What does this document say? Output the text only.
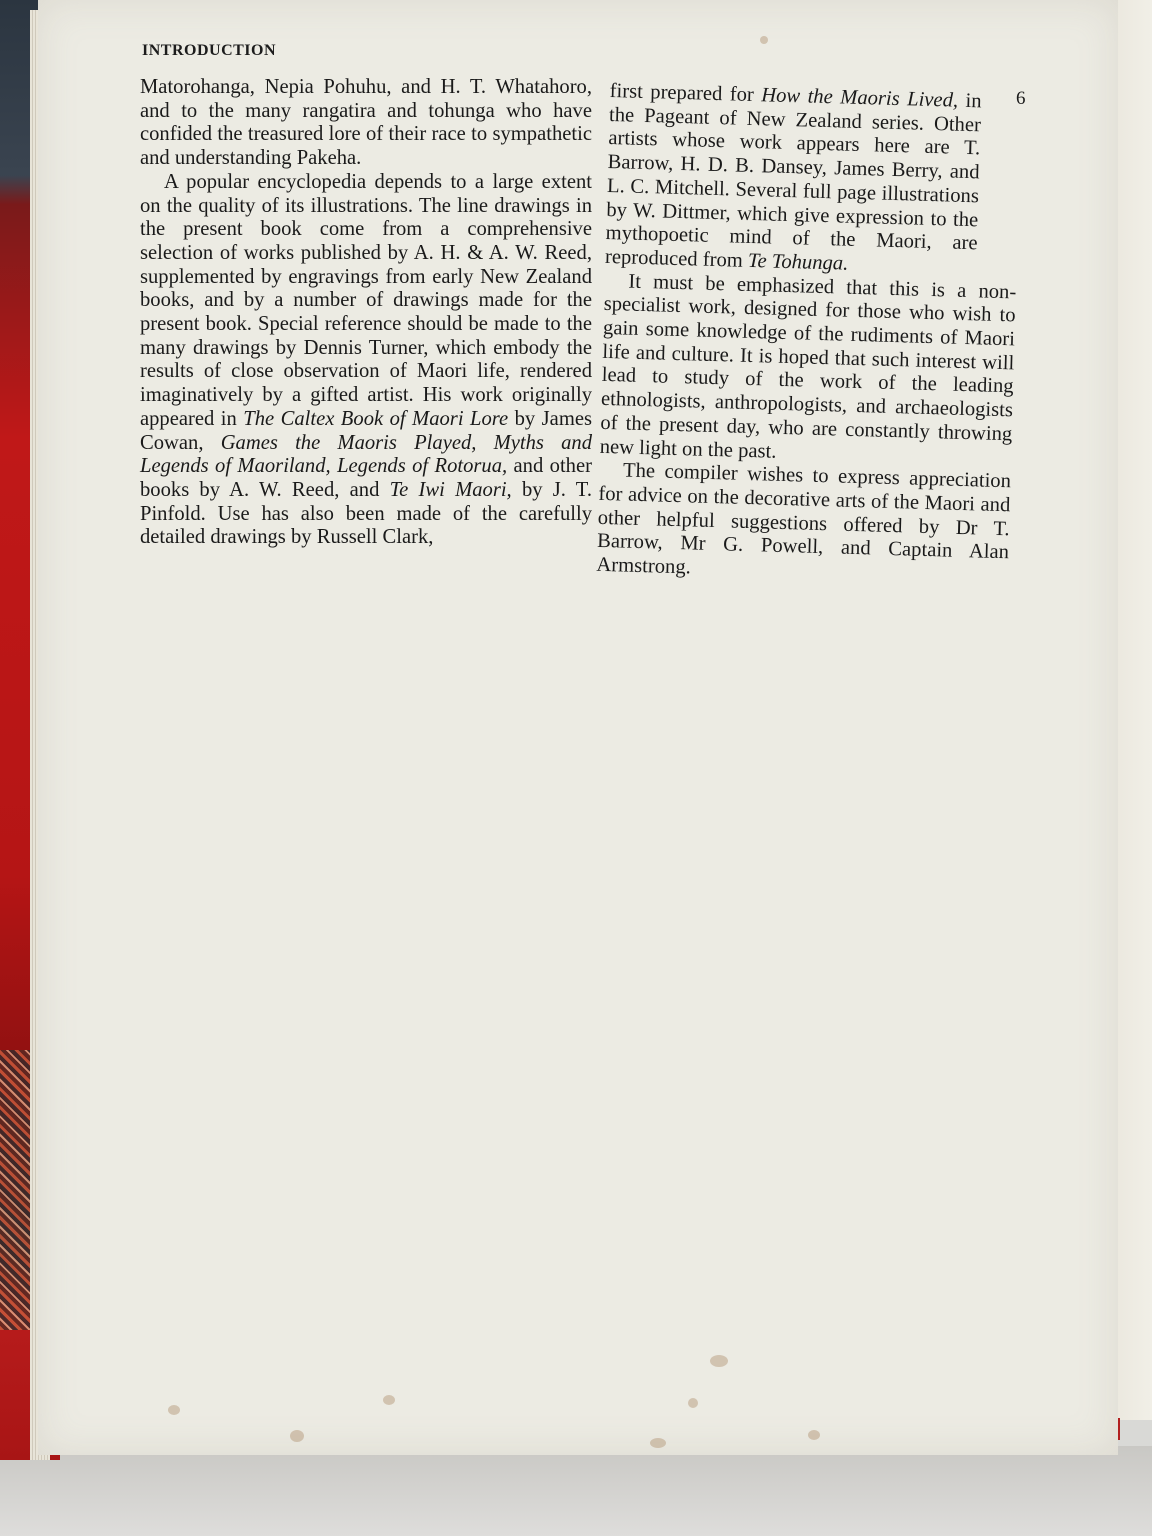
INTRODUCTION
6

Matorohanga, Nepia Pohuhu, and H. T. Whatahoro, and to the many rangatira and tohunga who have confided the treasured lore of their race to sympathetic and understanding Pakeha.

A popular encyclopedia depends to a large extent on the quality of its illustrations. The line drawings in the present book come from a comprehensive selection of works published by A. H. & A. W. Reed, supplemented by engravings from early New Zealand books, and by a number of drawings made for the present book. Special reference should be made to the many drawings by Dennis Turner, which embody the results of close observation of Maori life, rendered imaginatively by a gifted artist. His work originally appeared in The Caltex Book of Maori Lore by James Cowan, Games the Maoris Played, Myths and Legends of Maoriland, Legends of Rotorua, and other books by A. W. Reed, and Te Iwi Maori, by J. T. Pinfold. Use has also been made of the carefully detailed drawings by Russell Clark,

first prepared for How the Maoris Lived, in the Pageant of New Zealand series. Other artists whose work appears here are T. Barrow, H. D. B. Dansey, James Berry, and L. C. Mitchell. Several full page illustrations by W. Dittmer, which give expression to the mythopoetic mind of the Maori, are reproduced from Te Tohunga.

It must be emphasized that this is a non-specialist work, designed for those who wish to gain some knowledge of the rudiments of Maori life and culture. It is hoped that such interest will lead to study of the work of the leading ethnologists, anthropologists, and archaeologists of the present day, who are constantly throwing new light on the past.

The compiler wishes to express appreciation for advice on the decorative arts of the Maori and other helpful suggestions offered by Dr T. Barrow, Mr G. Powell, and Captain Alan Armstrong.
